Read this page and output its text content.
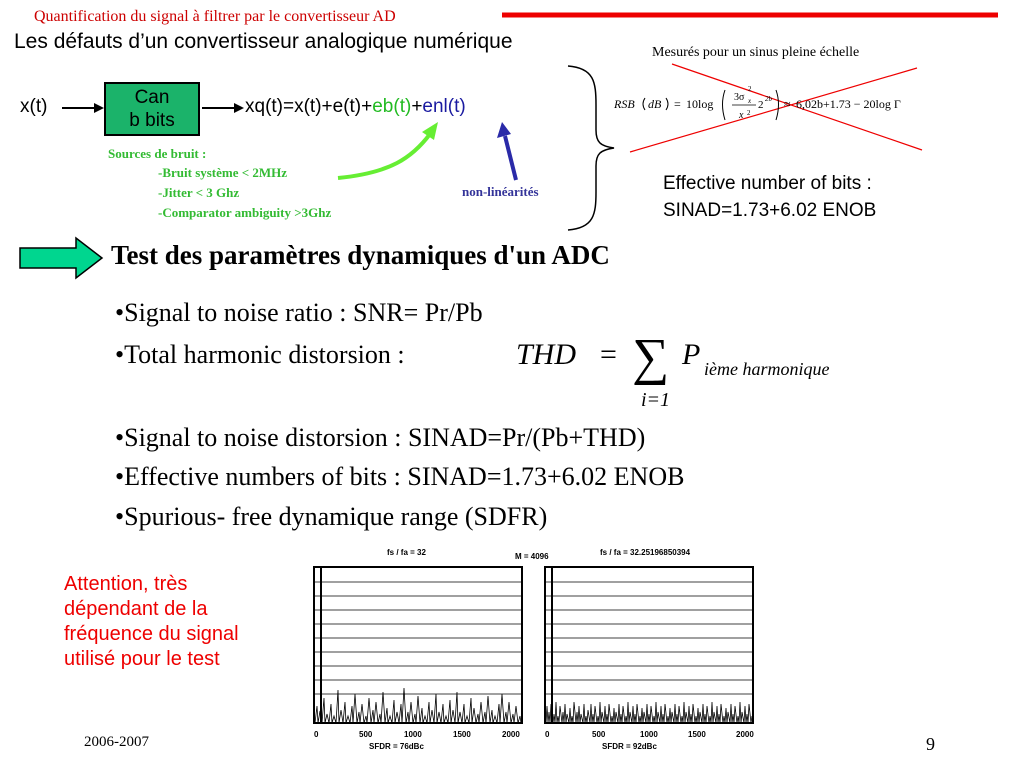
Quantification du signal à filtrer par le convertisseur AD
Les défauts d’un convertisseur analogique numérique	Mesurés pour un sinus pleine échelle
x(t)	Can
b bits
xq(t)=x(t)+e(t)+eb(t)+enl(t)
Sources de bruit :
-Bruit système < 2MHz
-Jitter < 3 Ghz
-Comparator ambiguity >3Ghz
non-linéarités
RSB dB = 10log 3σ
2
x
x 2
2 2b ≈ 6,02b+1.73 − 20log Γ
Effective number of bits :
SINAD=1.73+6.02 ENOB
Test des paramètres dynamiques d'un ADC
•Signal to noise ratio : SNR= Pr/Pb
•Total harmonic distorsion :	THD = ∑ P ième harmonique
i=1
•Signal to noise distorsion : SINAD=Pr/(Pb+THD)
•Effective numbers of bits : SINAD=1.73+6.02 ENOB
•Spurious- free dynamique range (SDFR)
Attention, très dépendant de la fréquence du signal utilisé pour le test
fs / fa = 32	M = 4096
0	500	1000	1500	2000
SFDR = 76dBc
fs / fa = 32.25196850394
0	500	1000	1500	2000
SFDR = 92dBc
2006-2007	9
